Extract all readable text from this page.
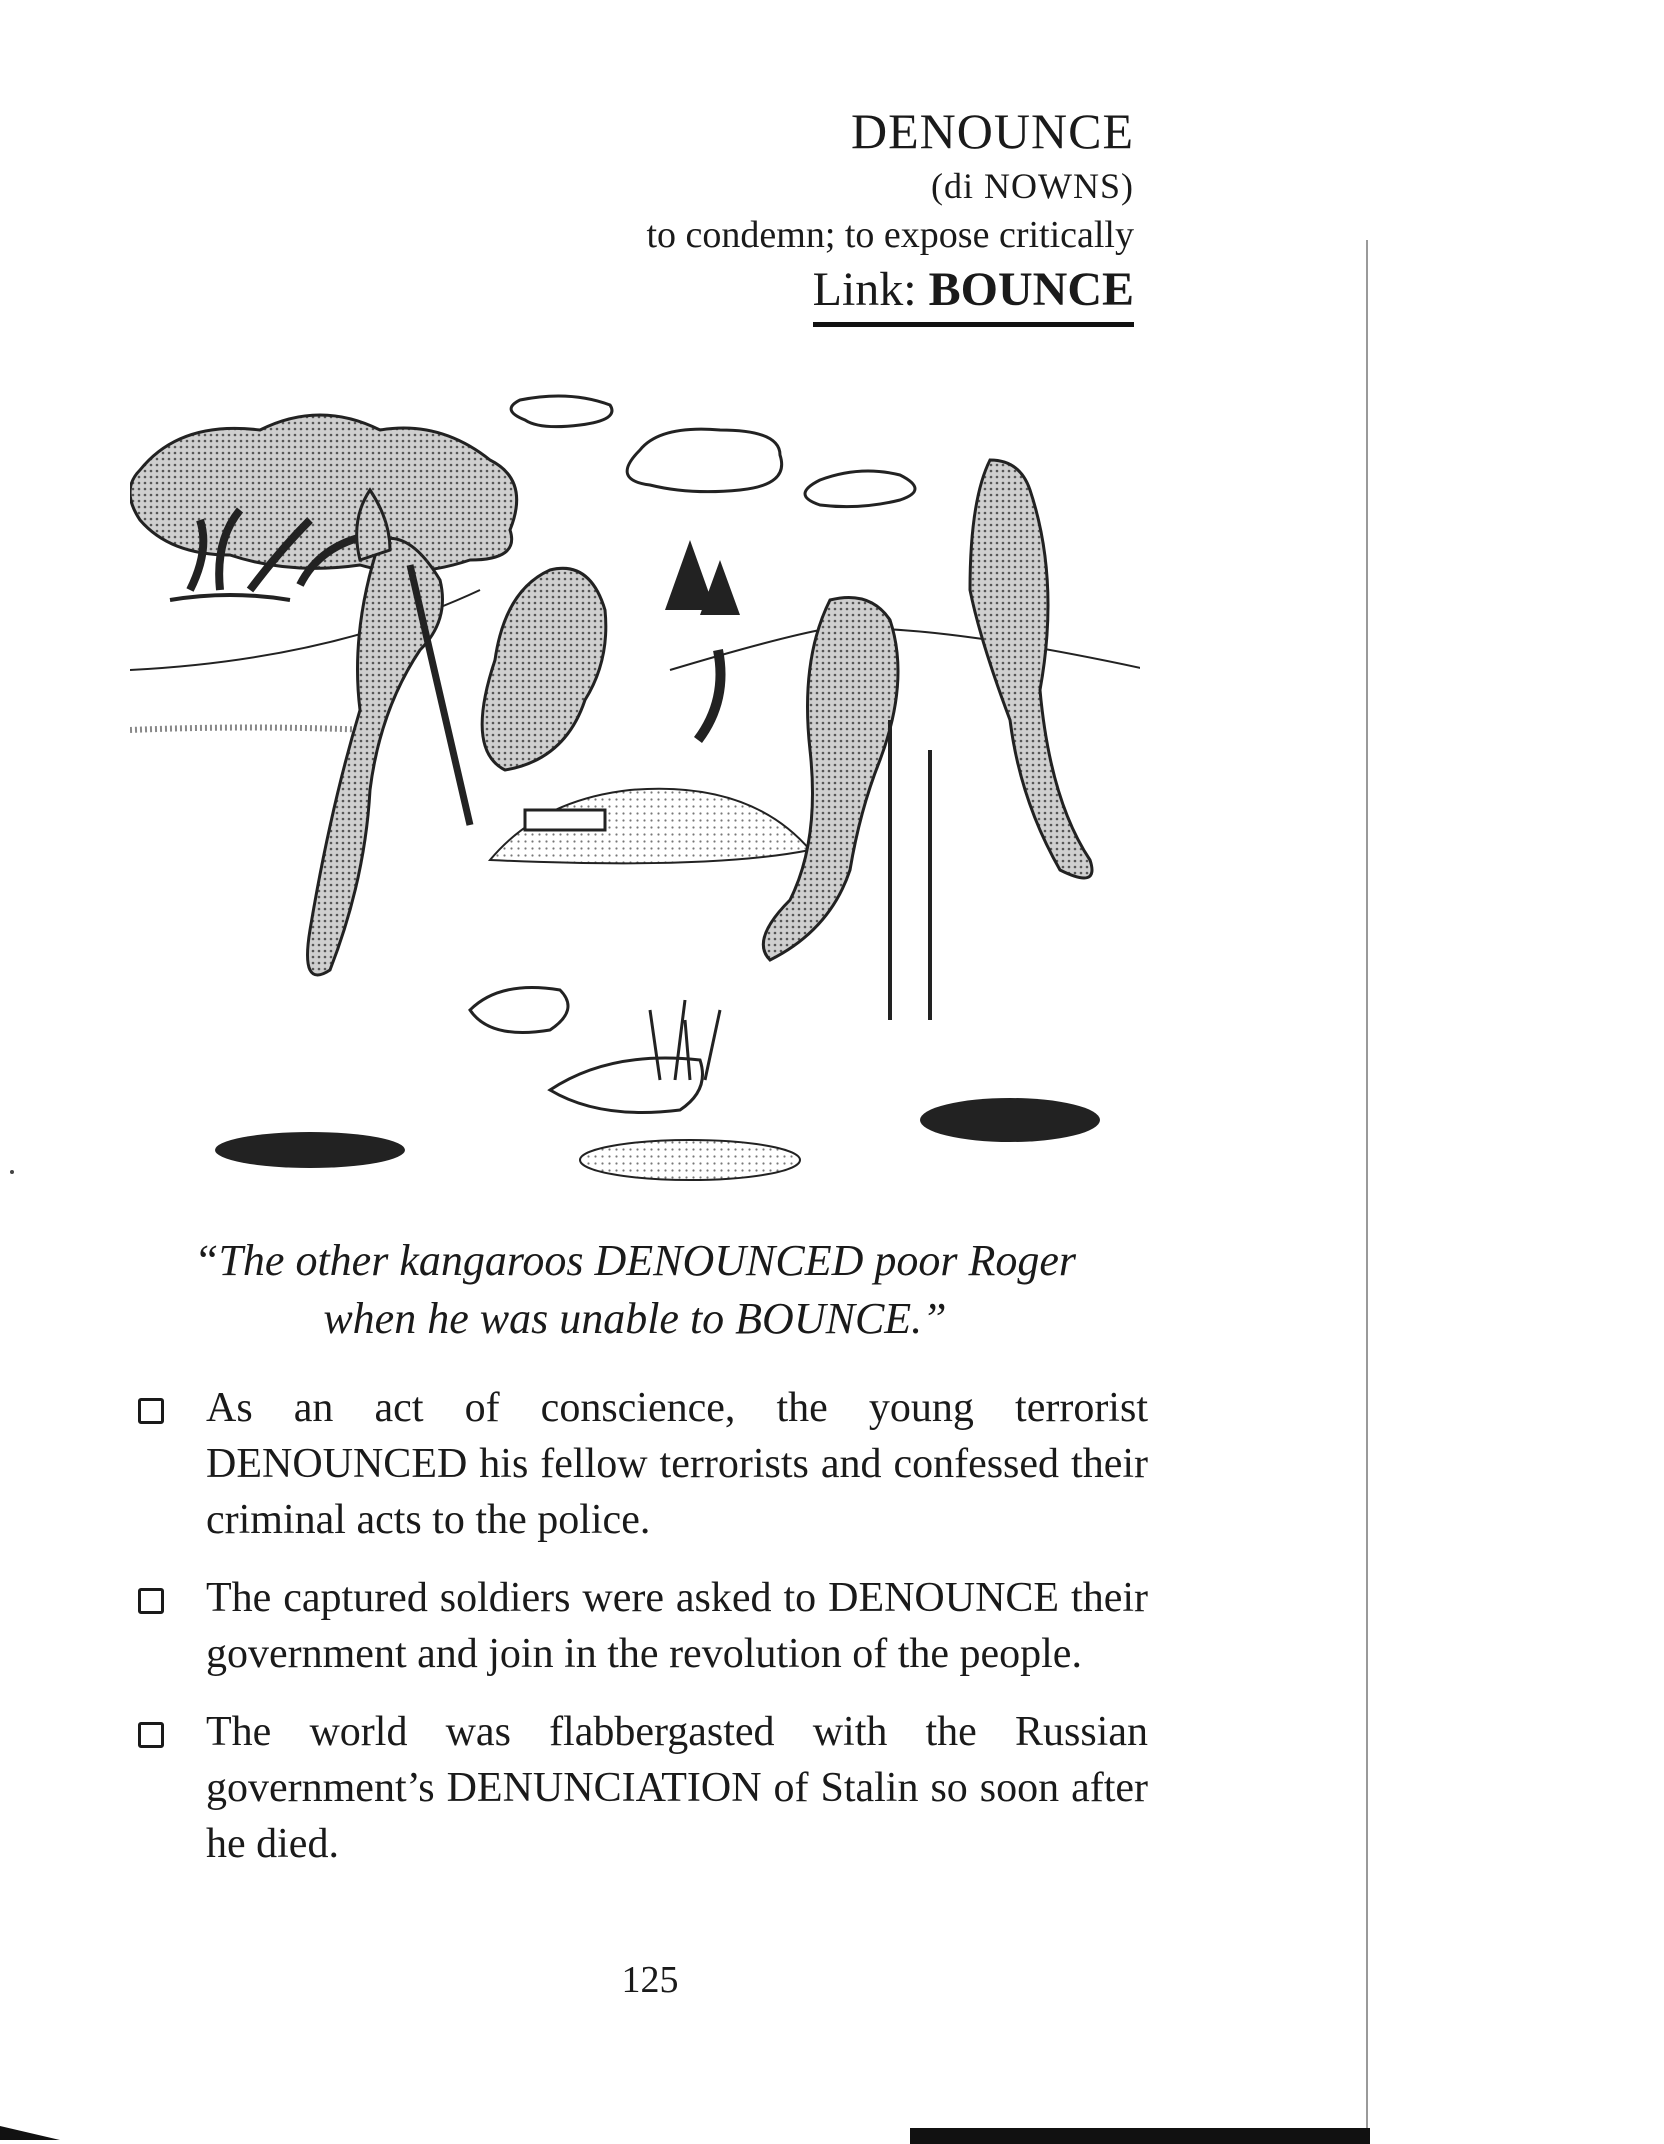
DENOUNCE
(di NOWNS)
to condemn; to expose critically
Link: BOUNCE
“The other kangaroos DENOUNCED poor Roger
when he was unable to BOUNCE.”
As an act of conscience, the young terrorist DENOUNCED his fellow terrorists and confessed their criminal acts to the police.
The captured soldiers were asked to DENOUNCE their government and join in the revolution of the people.
The world was flabbergasted with the Russian government’s DENUNCIATION of Stalin so soon after he died.
125
